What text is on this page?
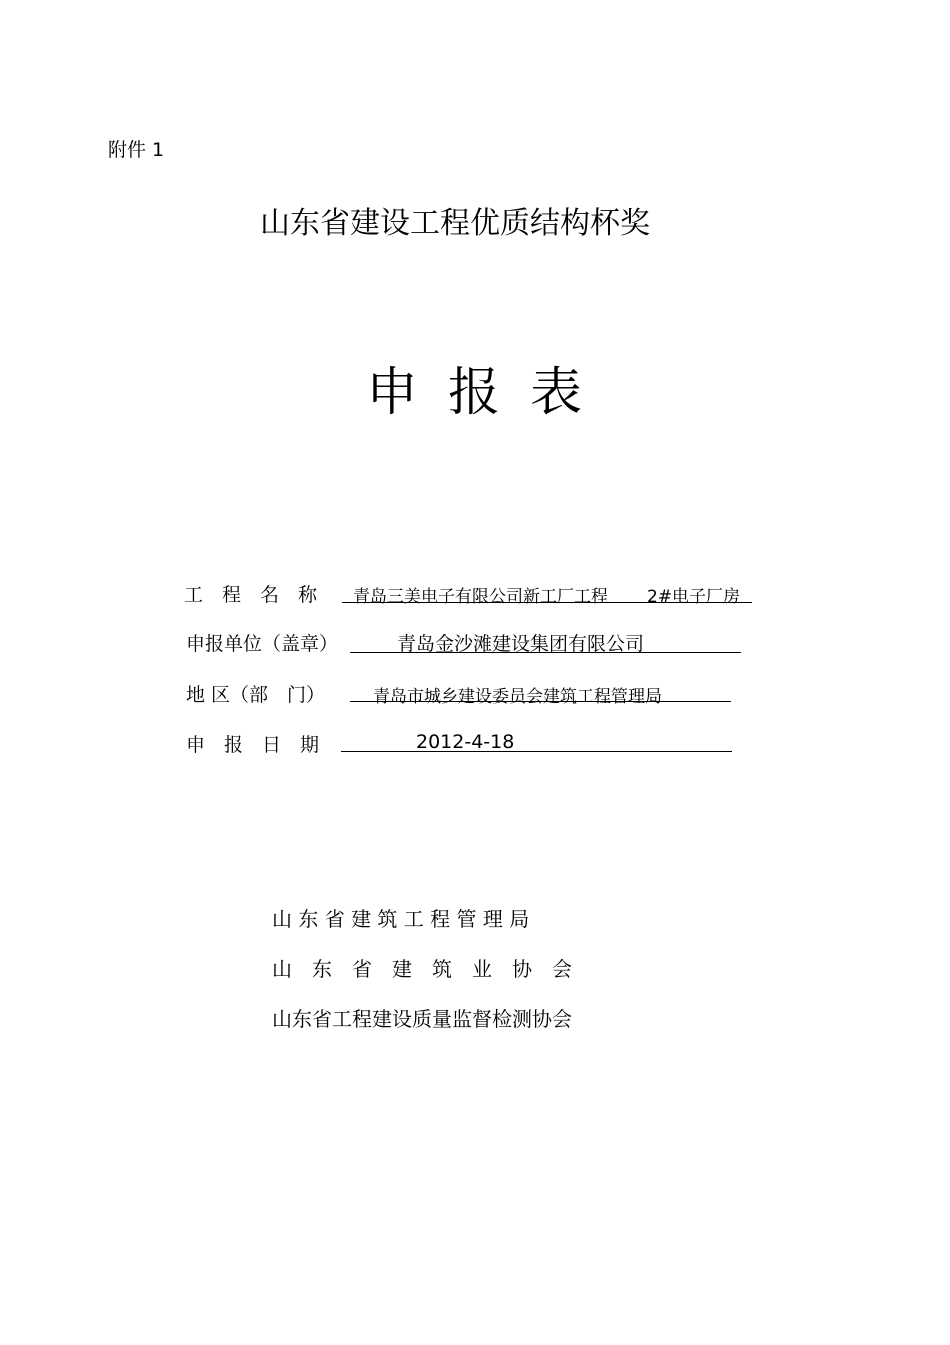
附件 1
山东省建设工程优质结构杯奖
申报表
工　程　名　称 青岛三美电子有限公司新工厂工程 2#电子厂房
申报单位（盖章）	青岛金沙滩建设集团有限公司
地 区（部　门）	青岛市城乡建设委员会建筑工程管理局
申　报　日　期	2012-4-18
山 东 省 建 筑 工 程 管 理 局
山　东　省　建　筑　业　协　会
山东省工程建设质量监督检测协会
